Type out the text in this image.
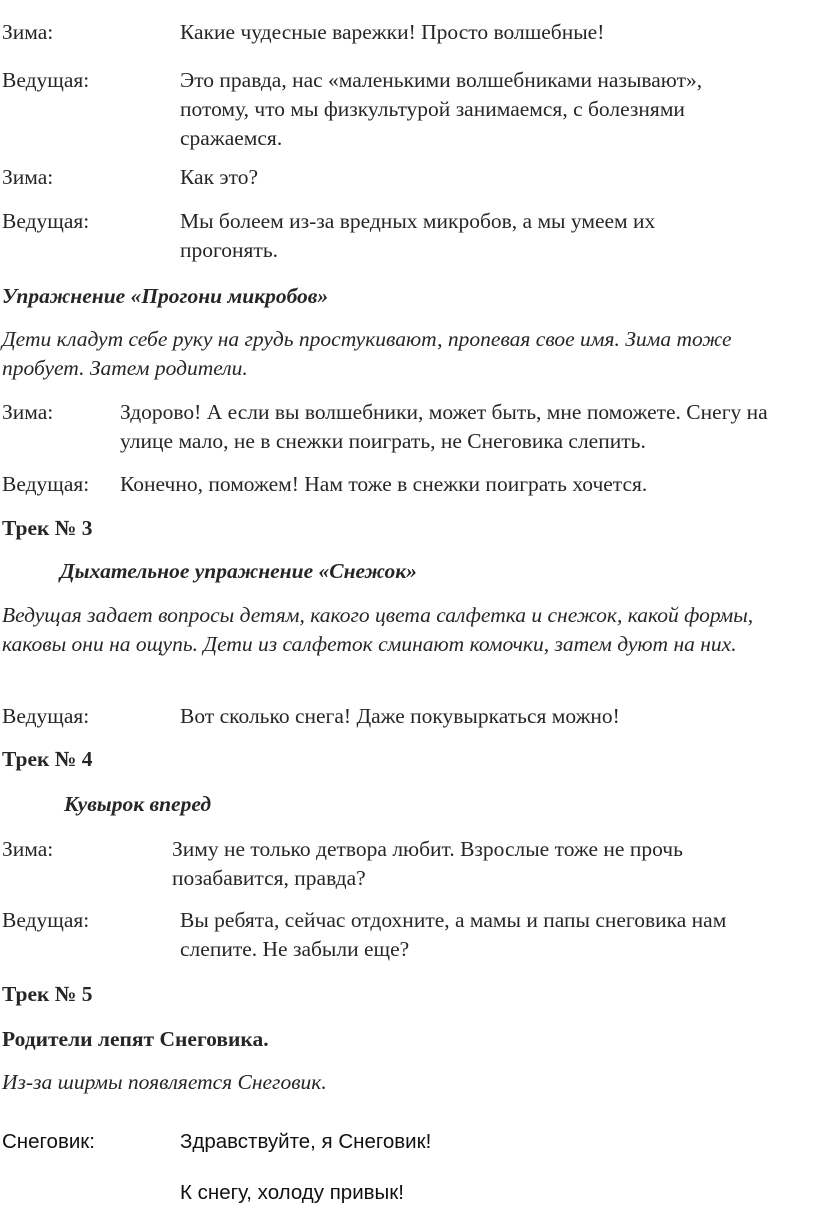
Зима:	Какие чудесные варежки! Просто волшебные!
Ведущая:	Это правда, нас «маленькими волшебниками называют», потому, что мы физкультурой занимаемся, с болезнями сражаемся.
Зима:	Как это?
Ведущая:	Мы болеем из-за вредных микробов, а мы умеем их прогонять.
Упражнение «Прогони микробов»
Дети кладут себе руку на грудь простукивают, пропевая свое имя. Зима тоже пробует. Затем родители.
Зима:	Здорово! А если вы волшебники, может быть, мне поможете. Снегу на улице мало, не в снежки поиграть, не Снеговика слепить.
Ведущая:	Конечно, поможем! Нам тоже в снежки поиграть хочется.
Трек № 3
Дыхательное упражнение «Снежок»
Ведущая задает вопросы детям, какого цвета салфетка и снежок, какой формы, каковы они на ощупь. Дети из салфеток сминают комочки, затем дуют на них.
Ведущая:	Вот сколько снега! Даже покувыркаться можно!
Трек № 4
Кувырок вперед
Зима:	Зиму не только детвора любит. Взрослые тоже не прочь позабавится, правда?
Ведущая:	Вы ребята, сейчас отдохните, а мамы и папы снеговика нам слепите. Не забыли еще?
Трек № 5
Родители лепят Снеговика.
Из-за ширмы появляется Снеговик.
Снеговик:	Здравствуйте, я Снеговик!
К снегу, холоду привык!
